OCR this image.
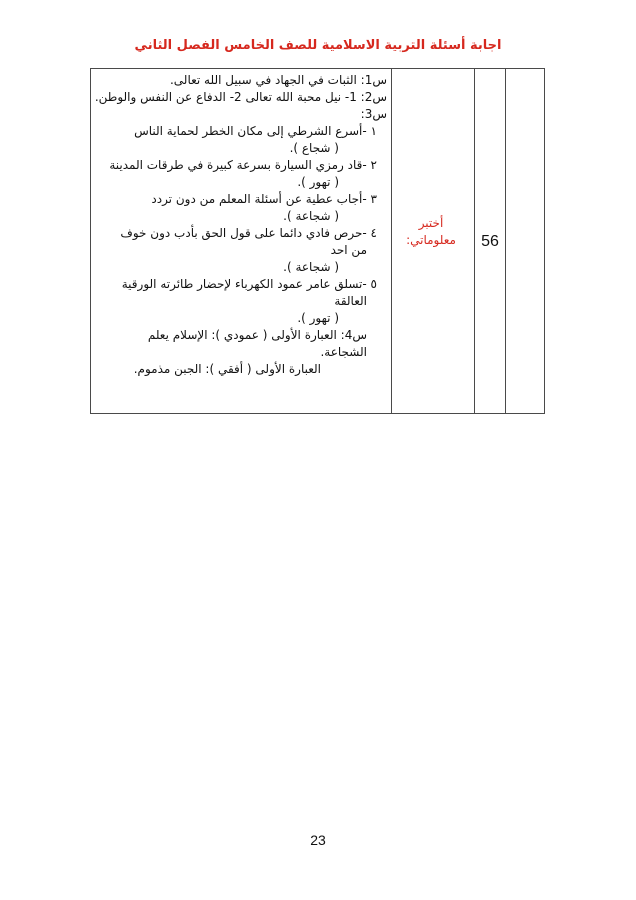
اجابة أسئلة التربية الاسلامية للصف الخامس الفصل الثاني
56
أختبر
معلوماتي:
س1: الثبات في الجهاد في سبيل الله تعالى.
س2: 1- نيل محبة الله تعالى 2- الدفاع عن النفس والوطن.
س3:
١ -أسرع الشرطي إلى مكان الخطر لحماية الناس
( شجاع ).
٢ -قاد رمزي السيارة بسرعة كبيرة في طرقات المدينة
( تهور ).
٣ -أجاب عطية عن أسئلة المعلم من دون تردد
( شجاعة ).
٤ -حرص فادي دائما على قول الحق بأدب دون خوف
من احد
( شجاعة ).
٥ -تسلق عامر عمود الكهرباء لإحضار طائرته الورقية
العالقة
( تهور ).
س4: العبارة الأولى ( عمودي ): الإسلام يعلم
الشجاعة.
العبارة الأولى ( أفقي ): الجبن مذموم.
23
